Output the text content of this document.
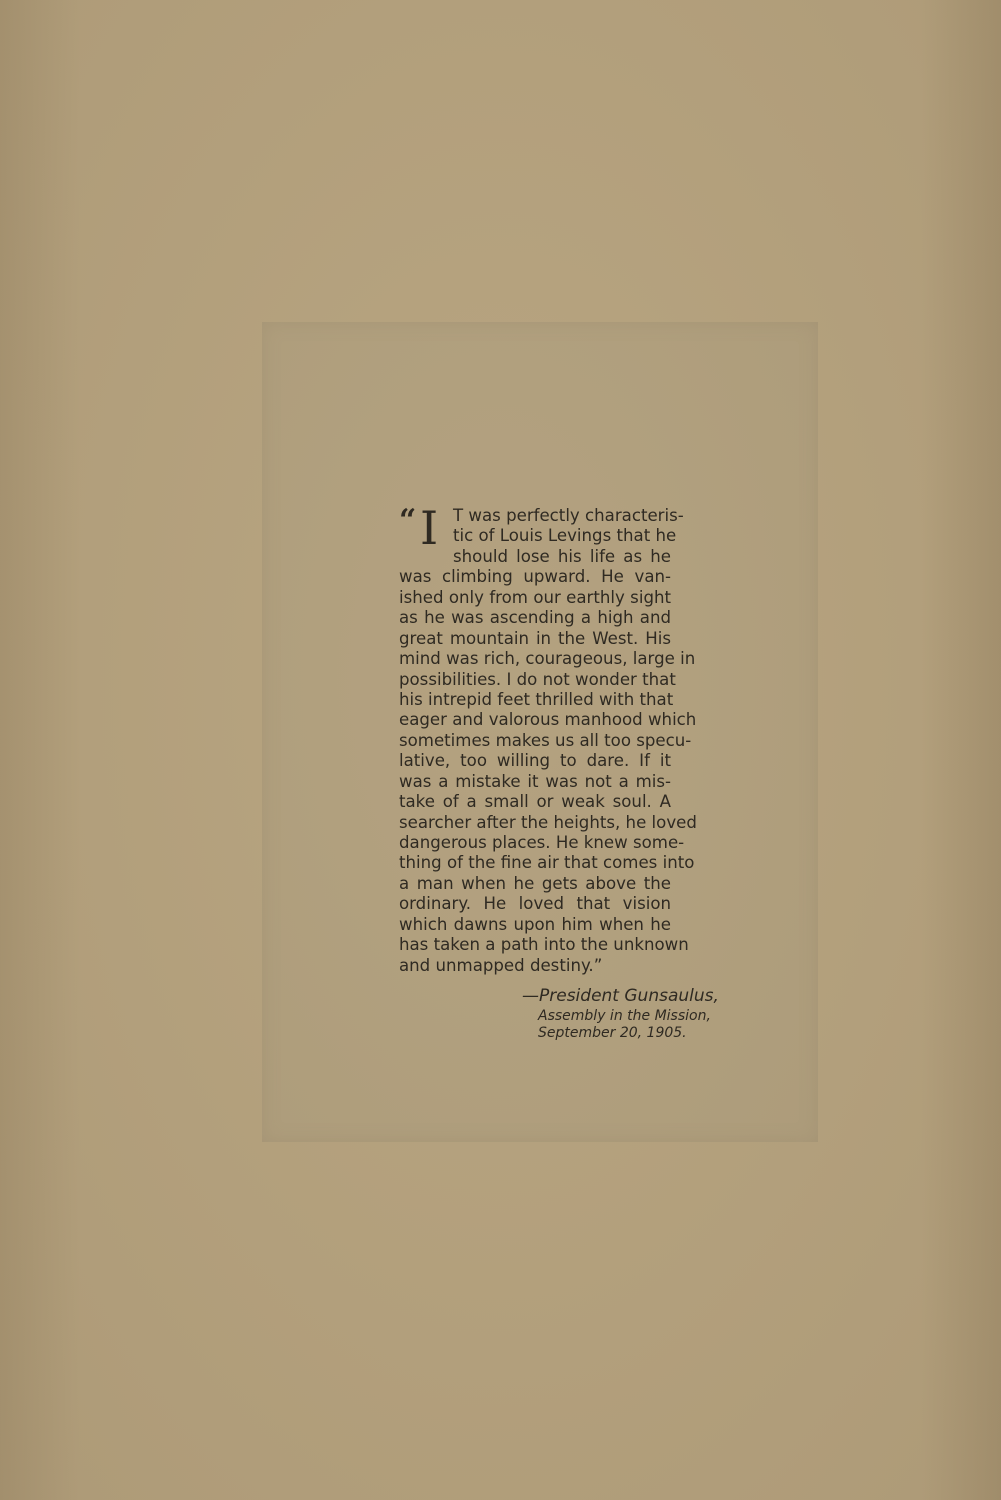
“ I T was perfectly characteris-
tic of Louis Levings that he
should lose his life as he
was climbing upward. He van-
ished only from our earthly sight
as he was ascending a high and
great mountain in the West. His
mind was rich, courageous, large in
possibilities. I do not wonder that
his intrepid feet thrilled with that
eager and valorous manhood which
sometimes makes us all too specu-
lative, too willing to dare. If it
was a mistake it was not a mis-
take of a small or weak soul. A
searcher after the heights, he loved
dangerous places. He knew some-
thing of the fine air that comes into
a man when he gets above the
ordinary. He loved that vision
which dawns upon him when he
has taken a path into the unknown
and unmapped destiny.”
—President Gunsaulus,
Assembly in the Mission,
September 20, 1905.
